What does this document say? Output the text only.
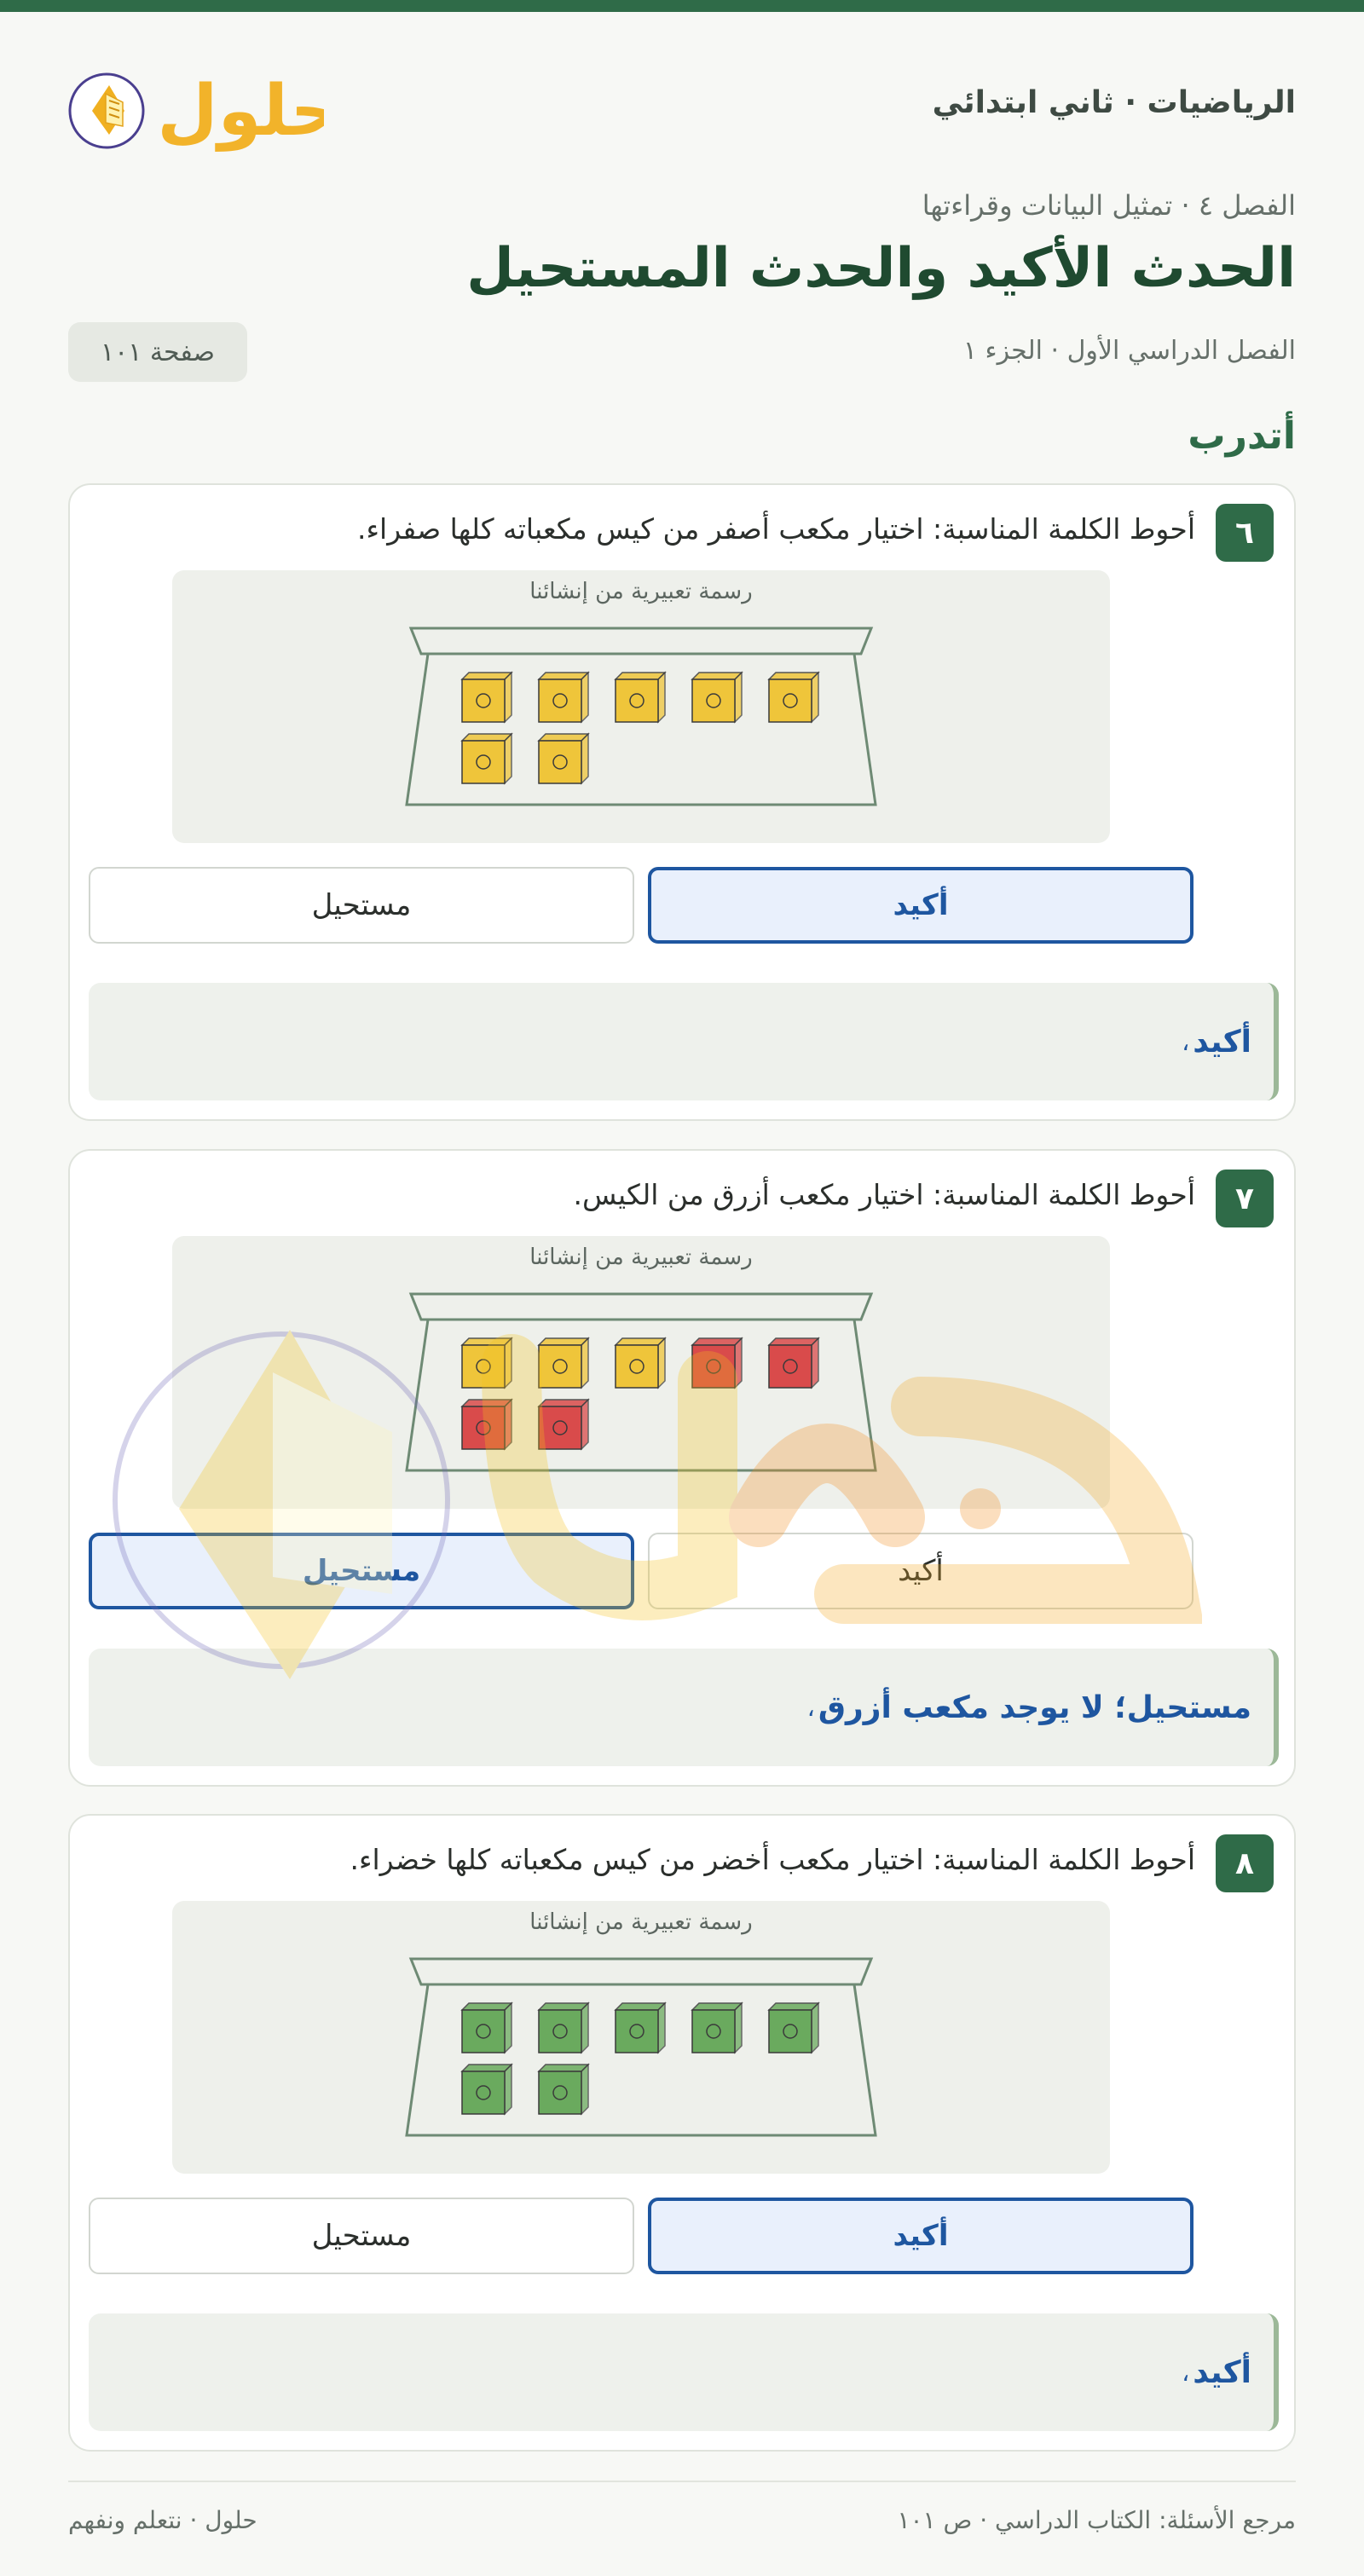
الرياضيات · ثاني ابتدائي
حلول
الفصل ٤ · تمثيل البيانات وقراءتها
الحدث الأكيد والحدث المستحيل
الفصل الدراسي الأول · الجزء ١
صفحة ١٠١
أتدرب
٦
أحوط الكلمة المناسبة: اختيار مكعب أصفر من كيس مكعباته كلها صفراء.
رسمة تعبيرية من إنشائنا
أكيد
مستحيل
أكيد
،
٧
أحوط الكلمة المناسبة: اختيار مكعب أزرق من الكيس.
رسمة تعبيرية من إنشائنا
أكيد
مستحيل
مستحيل؛ لا يوجد مكعب أزرق
،
٨
أحوط الكلمة المناسبة: اختيار مكعب أخضر من كيس مكعباته كلها خضراء.
رسمة تعبيرية من إنشائنا
أكيد
مستحيل
أكيد
،
مرجع الأسئلة: الكتاب الدراسي · ص ١٠١
حلول · نتعلم ونفهم
